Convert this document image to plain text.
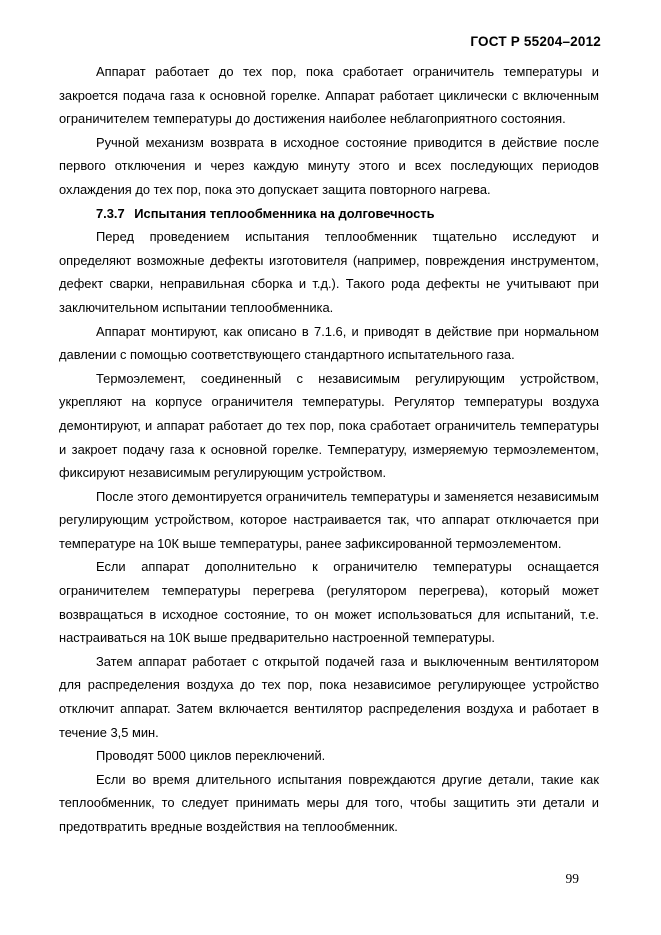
ГОСТ Р 55204–2012

Аппарат работает до тех пор, пока сработает ограничитель температуры и закроется подача газа к основной горелке. Аппарат работает циклически с включенным ограничителем температуры до достижения наиболее неблагоприятного состояния.

Ручной механизм возврата в исходное состояние приводится в действие после первого отключения и через каждую минуту этого и всех последующих периодов охлаждения до тех пор, пока это допускает защита повторного нагрева.

7.3.7 Испытания теплообменника на долговечность

Перед проведением испытания теплообменник тщательно исследуют и определяют возможные дефекты изготовителя (например, повреждения инструментом, дефект сварки, неправильная сборка и т.д.). Такого рода дефекты не учитывают при заключительном испытании теплообменника.

Аппарат монтируют, как описано в 7.1.6, и приводят в действие при нормальном давлении с помощью соответствующего стандартного испытательного газа.

Термоэлемент, соединенный с независимым регулирующим устройством, укрепляют на корпусе ограничителя температуры. Регулятор температуры воздуха демонтируют, и аппарат работает до тех пор, пока сработает ограничитель температуры и закроет подачу газа к основной горелке. Температуру, измеряемую термоэлементом, фиксируют независимым регулирующим устройством.

После этого демонтируется ограничитель температуры и заменяется независимым регулирующим устройством, которое настраивается так, что аппарат отключается при температуре на 10К выше температуры, ранее зафиксированной термоэлементом.

Если аппарат дополнительно к ограничителю температуры оснащается ограничителем температуры перегрева (регулятором перегрева), который может возвращаться в исходное состояние, то он может использоваться для испытаний, т.е. настраиваться на 10К выше предварительно настроенной температуры.

Затем аппарат работает с открытой подачей газа и выключенным вентилятором для распределения воздуха до тех пор, пока независимое регулирующее устройство отключит аппарат. Затем включается вентилятор распределения воздуха и работает в течение 3,5 мин.

Проводят 5000 циклов переключений.

Если во время длительного испытания повреждаются другие детали, такие как теплообменник, то следует принимать меры для того, чтобы защитить эти детали и предотвратить вредные воздействия на теплообменник.

99
